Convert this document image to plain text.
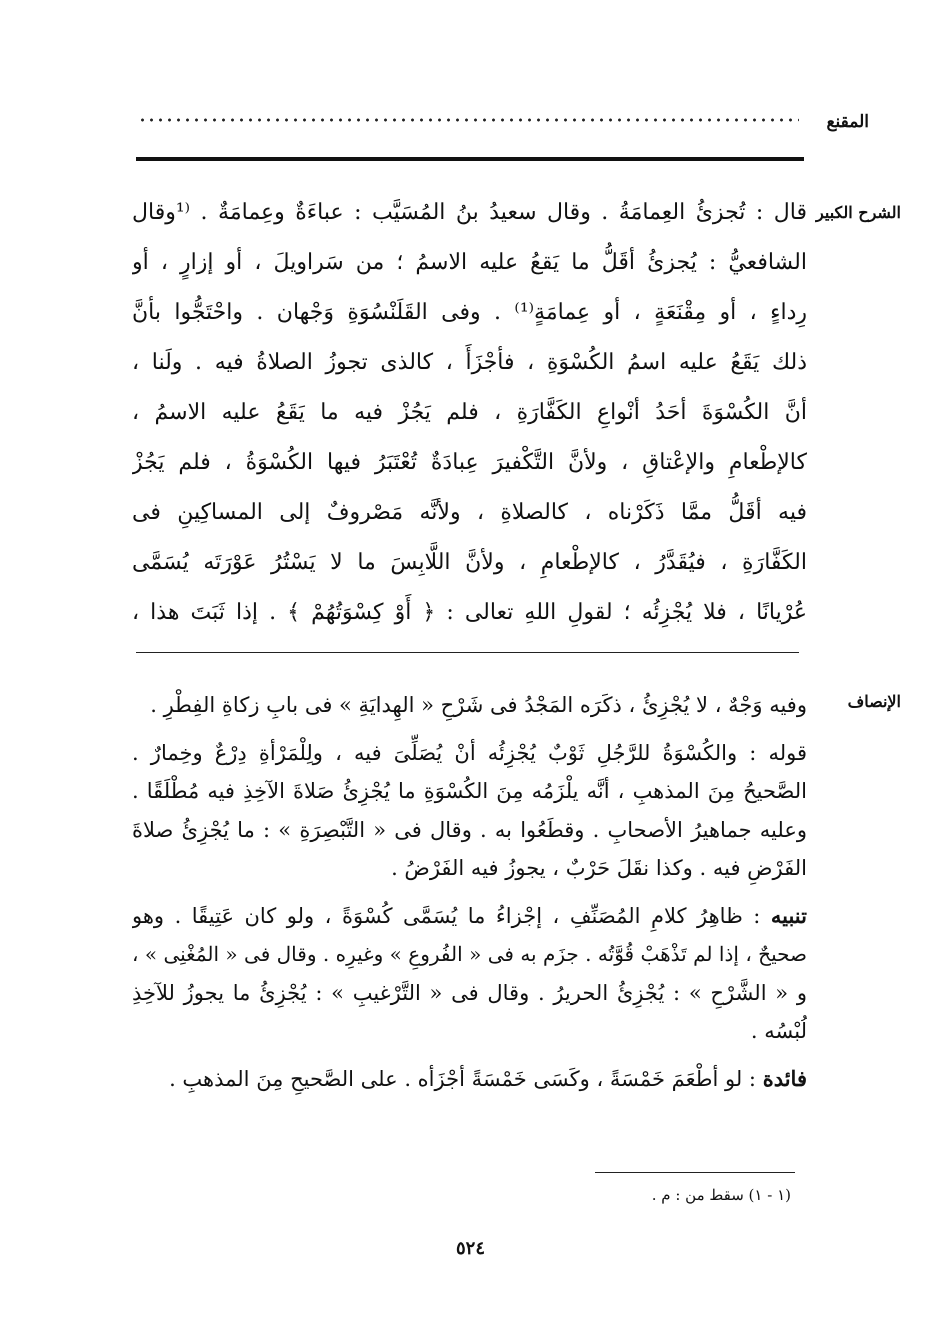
المقنع
الشرح الكبير
قال : تُجزئُ العِمامَةُ . وقال سعيدُ بنُ المُسَيَّب : عباءَةٌ وعِمامَةٌ . ⁽¹وقال
الشافعيُّ : يُجزئُ أقَلُّ ما يَقعُ عليه الاسمُ ؛ من سَراويلَ ، أو إزارٍ ، أو
رِداءٍ ، أو مِقْنَعَةٍ ، أو عِمامَةٍ⁽¹⁾ . وفى القَلَنْسُوَةِ وَجْهان . واحْتَجُّوا بأنَّ
ذلك يَقَعُ عليه اسمُ الكُسْوَةِ ، فأجْزَأَ ، كالذى تجوزُ الصلاةُ فيه . ولَنا ،
أنَّ الكُسْوَةَ أحَدُ أنْواعِ الكَفَّارَةِ ، فلم يَجُزْ فيه ما يَقَعُ عليه الاسمُ ،
كالإطْعامِ والإعْتاقِ ، ولأنَّ التَّكْفيرَ عِبادَةٌ تُعْتَبَرُ فيها الكُسْوَةُ ، فلم يَجُزْ
فيه أقَلُّ ممَّا ذَكَرْناه ، كالصلاةِ ، ولأنَّه مَصْروفٌ إلى المساكِينِ فى
الكَفَّارَةِ ، فيُقَدَّرُ ، كالإطْعامِ ، ولأنَّ اللَّابِسَ ما لا يَسْتُرُ عَوْرَتَه يُسَمَّى
عُرْيانًا ، فلا يُجْزِئُه ؛ لقولِ اللهِ تعالى : ﴿ أَوْ كِسْوَتُهُمْ ﴾ . إذا ثَبَتَ هذا ،
الإنصاف
وفيه وَجْهٌ ، لا يُجْزِئُ ، ذكَرَه المَجْدُ فى شَرْحِ « الهِدايَةِ » فى بابِ زكاةِ الفِطْرِ .
قوله : والكُسْوَةُ للرَّجُلِ ثَوْبٌ يُجْزِئُه أنْ يُصَلِّىَ فيه ، ولِلْمَرْأةِ دِرْعٌ وخِمارٌ .
الصَّحيحُ مِنَ المذهبِ ، أنَّه يلْزَمُه مِنَ الكُسْوَةِ ما يُجْزِئُ صَلاةَ الآخِذِ فيه مُطْلَقًا .
وعليه جماهيرُ الأصحابِ . وقطَعُوا به . وقال فى « التَّبْصِرَةِ » : ما يُجْزِئُ صلاةَ
الفَرْضِ فيه . وكذا نقَلَ حَرْبٌ ، يجوزُ فيه الفَرْضُ .
تنبيه : ظاهِرُ كلامِ المُصَنِّفِ ، إجْزاءُ ما يُسَمَّى كُسْوَةً ، ولو كان عَتِيقًا . وهو
صحيحٌ ، إذا لم تَذْهَبْ قُوَّتُه . جزَم به فى « الفُروعِ » وغيرِه . وقال فى « المُغْنِى » ،
و « الشَّرْحِ » : يُجْزِئُ الحريرُ . وقال فى « التَّرْغيبِ » : يُجْزِئُ ما يجوزُ للآخِذِ
لُبْسُه .
فائدة : لو أطْعَمَ خَمْسَةً ، وكَسَى خَمْسَةً أجْزَأه . على الصَّحيحِ مِنَ المذهبِ .
(١ - ١) سقط من : م .
٥٢٤
